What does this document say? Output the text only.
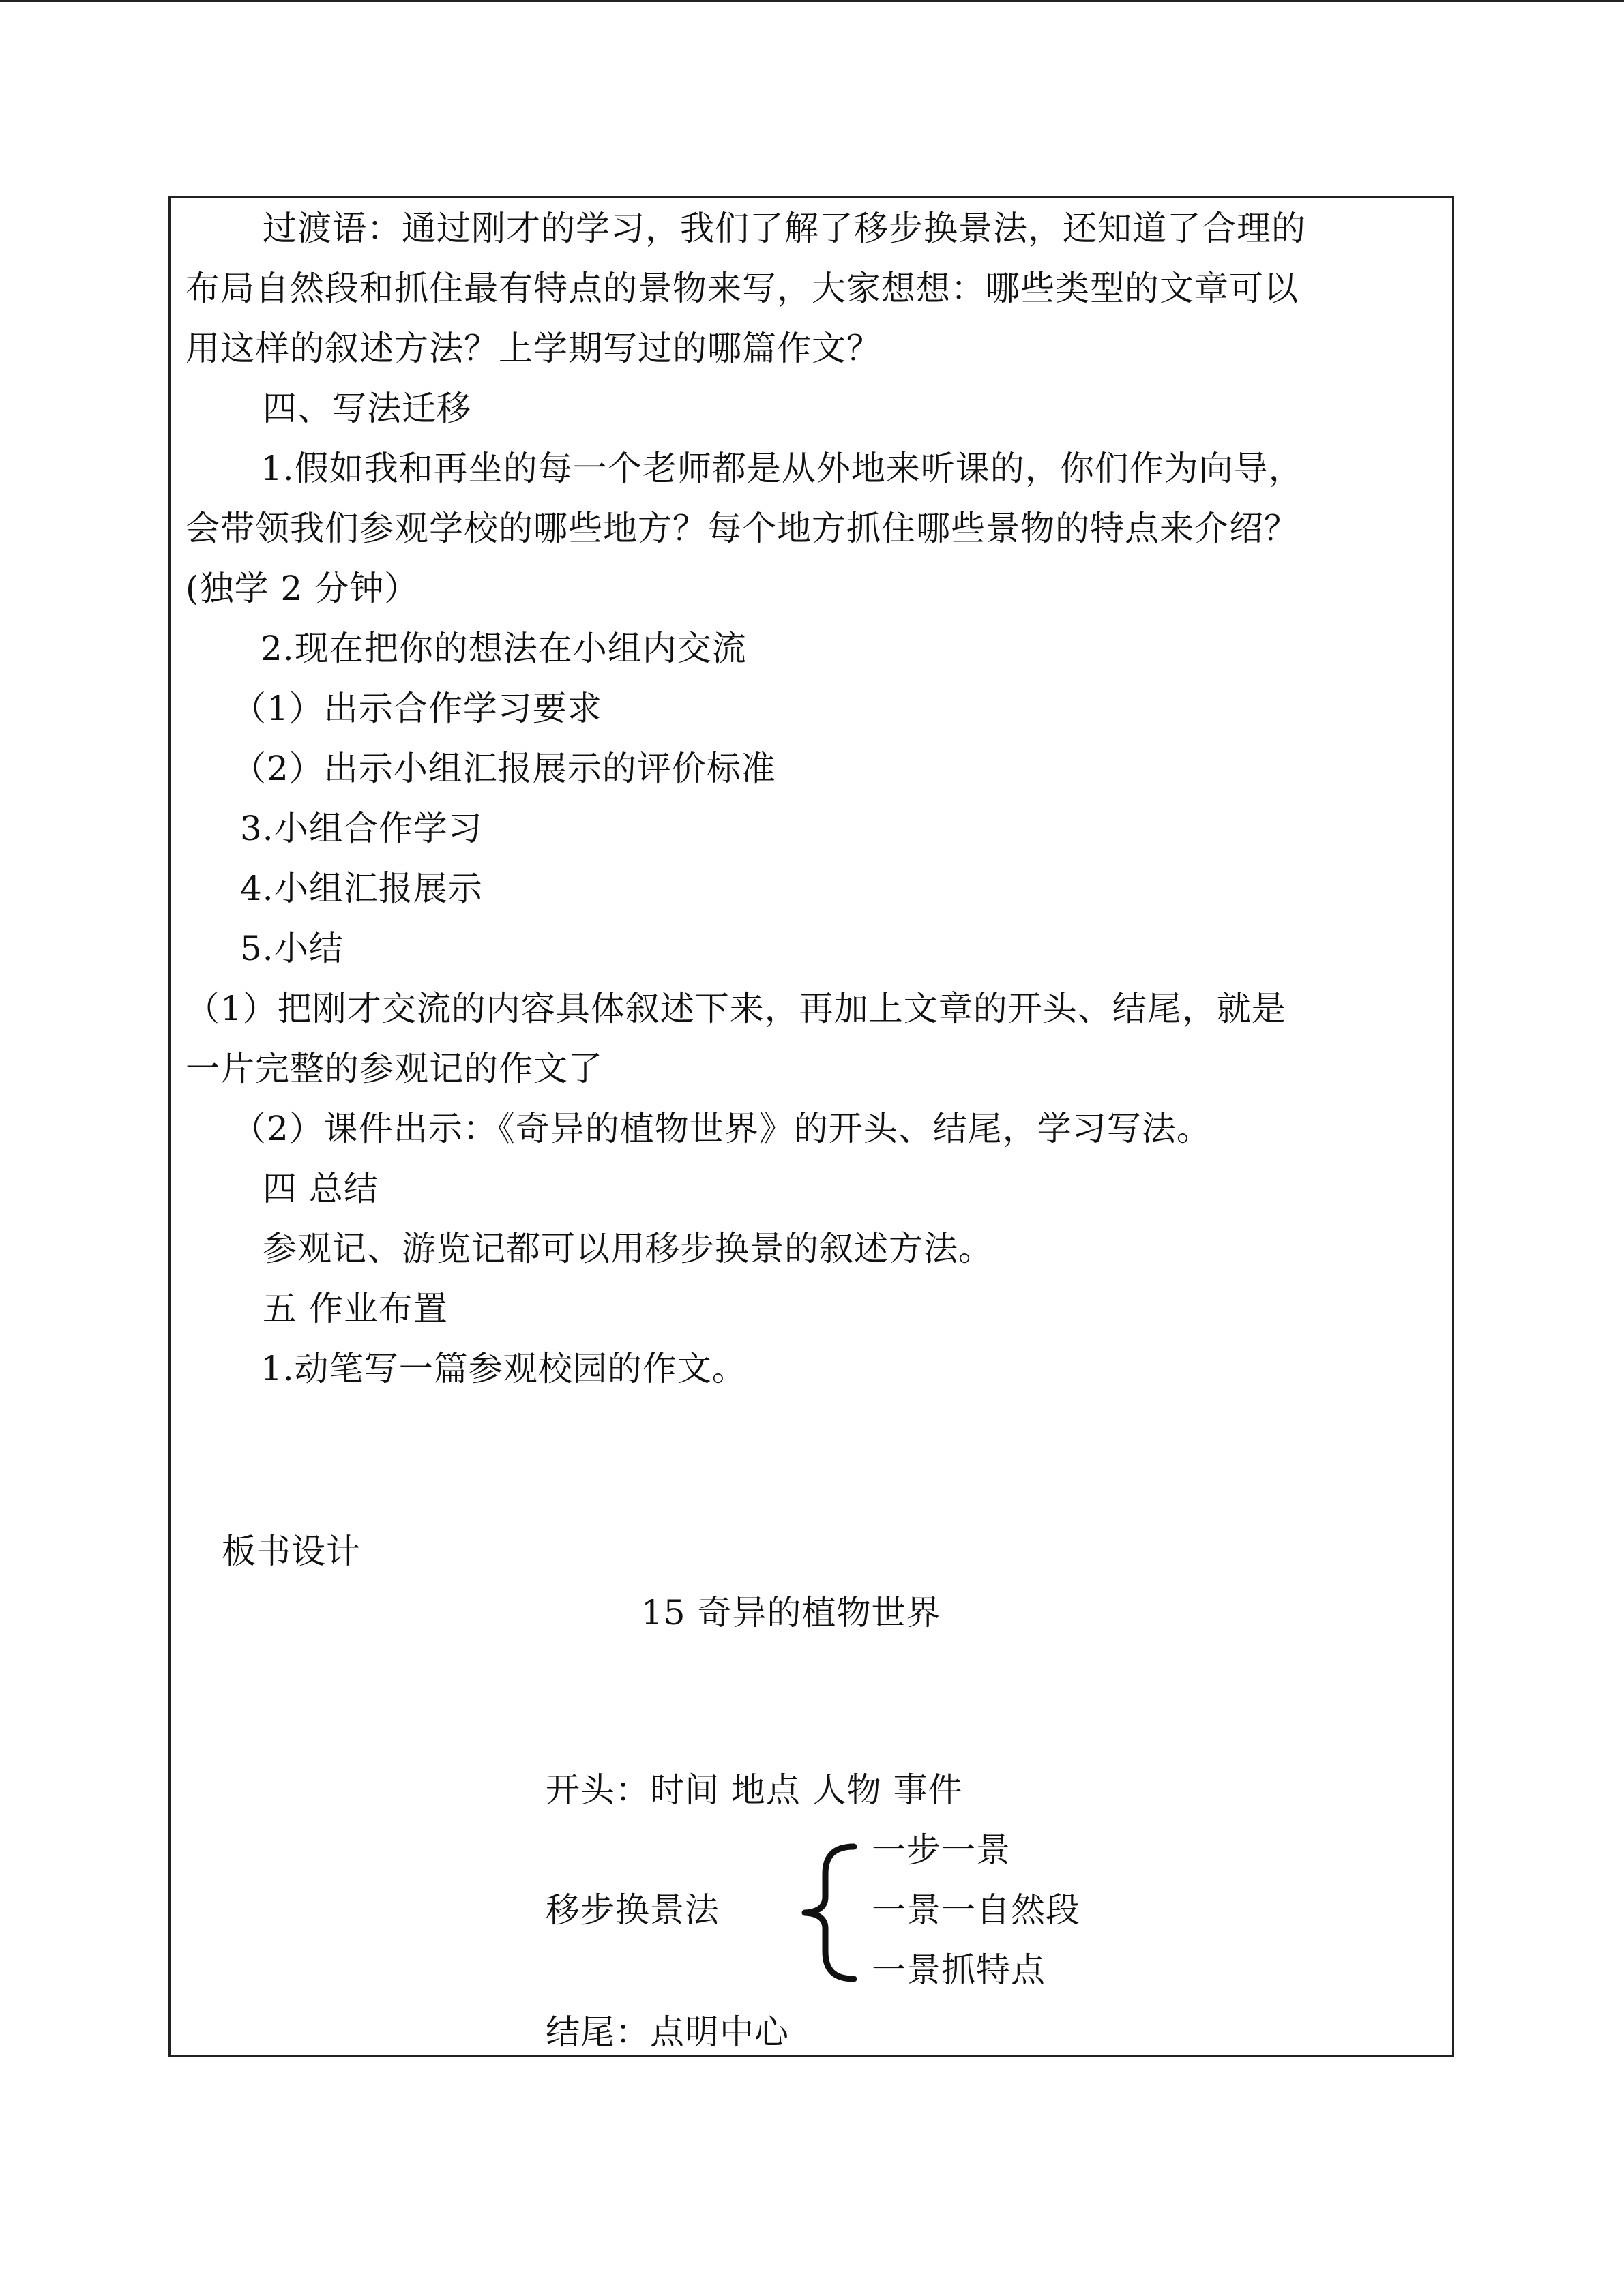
过渡语：通过刚才的学习，我们了解了移步换景法，还知道了合理的
布局自然段和抓住最有特点的景物来写，大家想想：哪些类型的文章可以
用这样的叙述方法？上学期写过的哪篇作文？
四、写法迁移
1.假如我和再坐的每一个老师都是从外地来听课的，你们作为向导，
会带领我们参观学校的哪些地方？每个地方抓住哪些景物的特点来介绍？
(独学 2 分钟）
2.现在把你的想法在小组内交流
（1）出示合作学习要求
（2）出示小组汇报展示的评价标准
3.小组合作学习
4.小组汇报展示
5.小结
（1）把刚才交流的内容具体叙述下来，再加上文章的开头、结尾，就是
一片完整的参观记的作文了
（2）课件出示：《奇异的植物世界》的开头、结尾，学习写法。
四 总结
参观记、游览记都可以用移步换景的叙述方法。
五 作业布置
1.动笔写一篇参观校园的作文。
板书设计
15 奇异的植物世界
开头：时间 地点 人物 事件
一步一景
移步换景法	一景一自然段
一景抓特点
结尾：点明中心
